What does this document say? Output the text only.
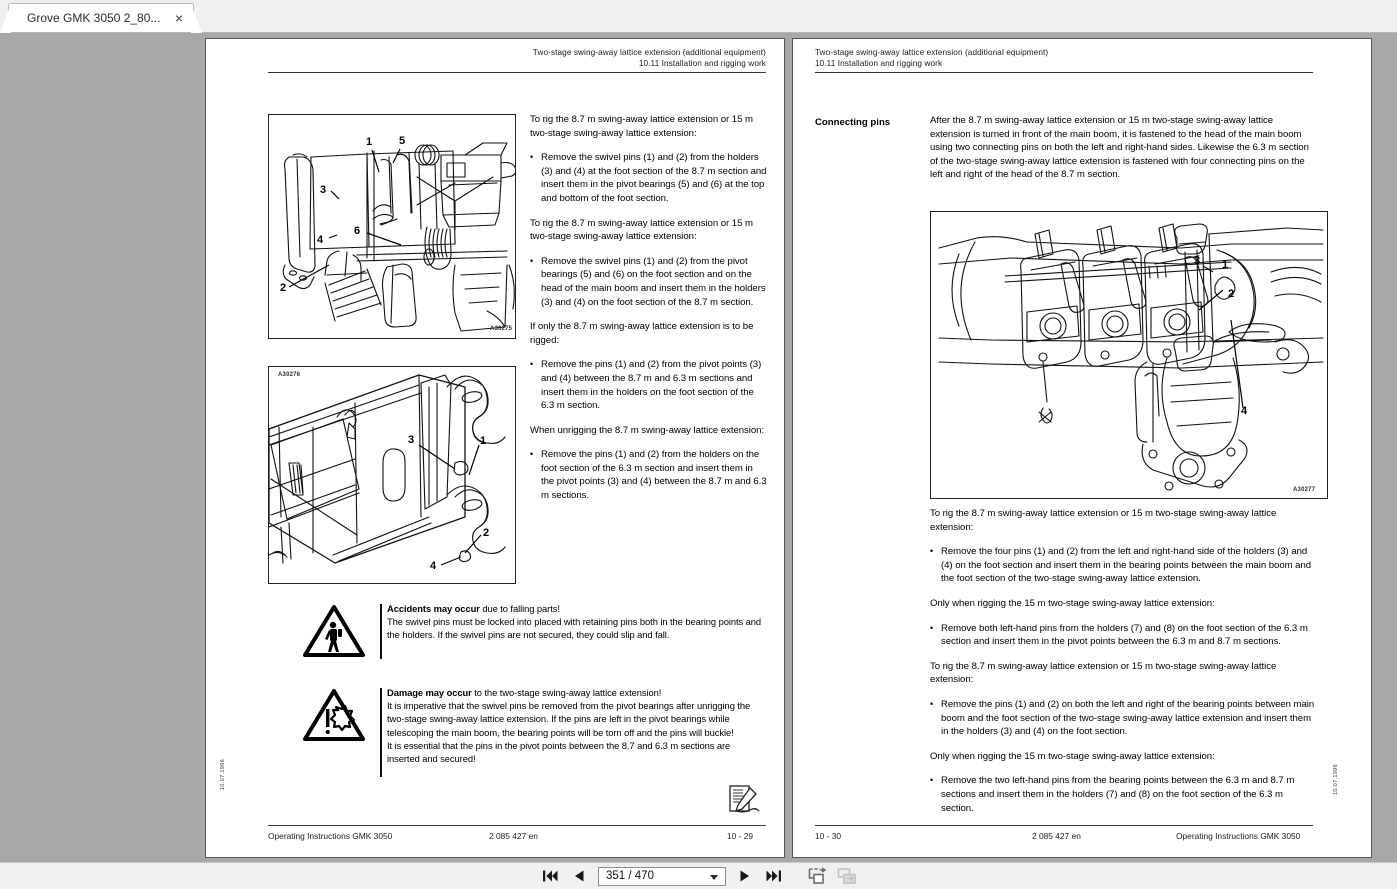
Grove GMK 3050 2_80...	×
Two-stage swing-away lattice extension (additional equipment)
10.11 Installation and rigging work
1 5
3
4
6
2
A30275
3	1
2
4
A30276

To rig the 8.7 m swing-away lattice extension or 15 m two-stage swing-away lattice extension:

• Remove the swivel pins (1) and (2) from the holders (3) and (4) at the foot section of the 8.7 m section and insert them in the pivot bearings (5) and (6) at the top and bottom of the foot section.

To rig the 8.7 m swing-away lattice extension or 15 m two-stage swing-away lattice extension:

• Remove the swivel pins (1) and (2) from the pivot bearings (5) and (6) on the foot section and on the head of the main boom and insert them in the holders (3) and (4) on the foot section of the 8.7 m section.

If only the 8.7 m swing-away lattice extension is to be rigged:

• Remove the pins (1) and (2) from the pivot points (3) and (4) between the 8.7 m and 6.3 m sections and insert them in the holders on the foot section of the 6.3 m section.

When unrigging the 8.7 m swing-away lattice extension:

• Remove the pins (1) and (2) from the holders on the foot section of the 6.3 m section and insert them in the pivot points (3) and (4) between the 8.7 m and 6.3 m sections.
Accidents may occur due to falling parts!
The swivel pins must be locked into placed with retaining pins both in the bearing points and the holders. If the swivel pins are not secured, they could slip and fall.
Damage may occur to the two-stage swing-away lattice extension!
It is imperative that the swivel pins be removed from the pivot bearings after unrigging the two-stage swing-away lattice extension. If the pins are left in the pivot bearings while telescoping the main boom, the bearing points will be torn off and the pins will buckle!
It is essential that the pins in the pivot points between the 8.7 and 6.3 m sections are inserted and secured!
Operating Instructions GMK 3050	2 085 427 en	10 - 29
10.07.1996
Two-stage swing-away lattice extension (additional equipment)
10.11 Installation and rigging work
Connecting pins	After the 8.7 m swing-away lattice extension or 15 m two-stage swing-away lattice extension is turned in front of the main boom, it is fastened to the head of the main boom using two connecting pins on both the left and right-hand sides. Likewise the 6.3 m section of the two-stage swing-away lattice extension is fastened with four connecting pins on the left and right of the head of the 8.7 m section.

3 1
2
4
A30277

To rig the 8.7 m swing-away lattice extension or 15 m two-stage swing-away lattice extension:

• Remove the four pins (1) and (2) from the left and right-hand side of the holders (3) and (4) on the foot section and insert them in the bearing points between the main boom and the foot section of the two-stage swing-away lattice extension.

Only when rigging the 15 m two-stage swing-away lattice extension:

• Remove both left-hand pins from the holders (7) and (8) on the foot section of the 6.3 m section and insert them in the pivot points between the 6.3 m and 8.7 m sections.

To rig the 8.7 m swing-away lattice extension or 15 m two-stage swing-away lattice extension:

• Remove the pins (1) and (2) on both the left and right of the bearing points between main boom and the foot section of the two-stage swing-away lattice extension and insert them in the holders (3) and (4) on the foot section.

Only when rigging the 15 m two-stage swing-away lattice extension:

• Remove the two left-hand pins from the bearing points between the 6.3 m and 8.7 m sections and insert them in the holders (7) and (8) on the foot section of the 6.3 m section.
10 - 30	2 085 427 en	Operating Instructions GMK 3050
10.07.1996
351 / 470
